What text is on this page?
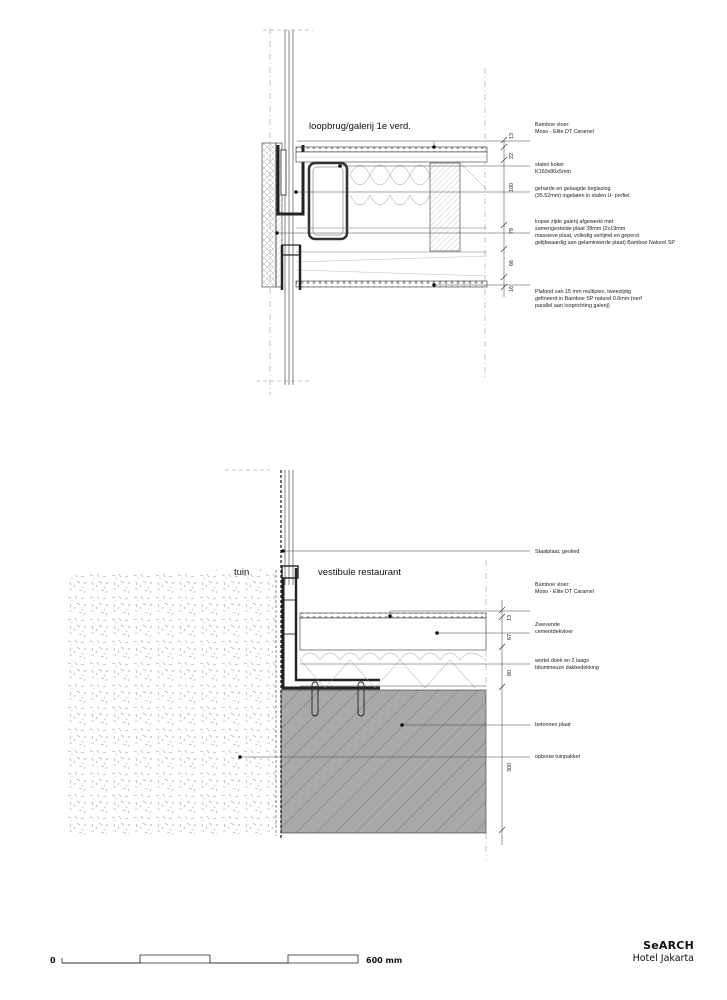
13
22
100
78
66
16
loopbrug/galerij 1e verd.	Bamboe vloer:
Moso - Elite DT Caramel
stalen koker
K160x80x5mm
geharde en gelaagde beglazing
(35.52mm) ingelaten in stalen U- profiel.
kopse zijde galerij afgewerkt met
samengestelde plaat 38mm (2x19mm
massieve plaat, volledig verlijmd en geperst
gelijkwaardig aan gelamineerde plaat) Bamboe Naturel SP
Plafond van 15 mm multiplex, tweezijdig
gefineerd in Bamboe SP naturel 0.6mm (nerf
parallel aan looprichting galerij)
13
67
80
300
tuin	vestibule restaurant
Staalplaat, geolied
Bamboe vloer:
Moso - Elite DT Caramel
Zwevende
cementdekvloer
wortel doek en 2 laags
bitumineuze dakbedekking
betonnen plaat
opbouw tuinpakket
0	600 mm
SeARCH
Hotel Jakarta
